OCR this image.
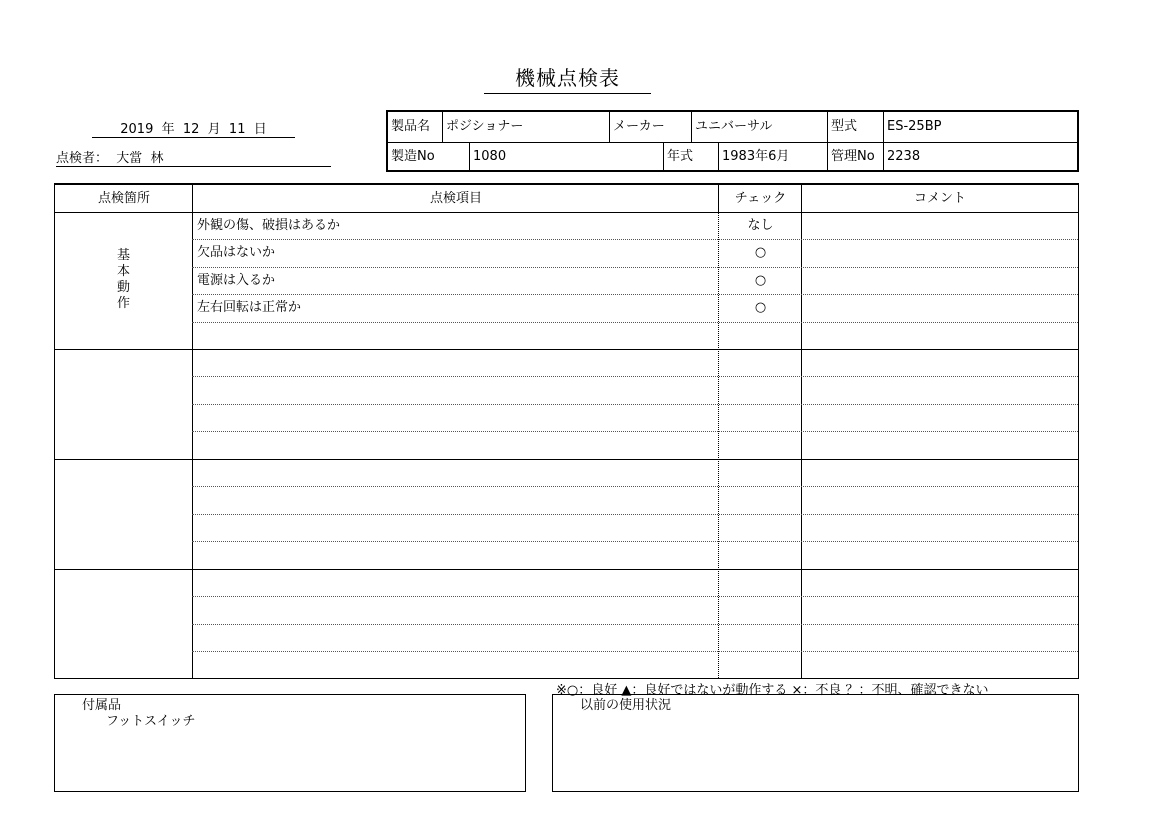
機械点検表
2019  年  12  月  11  日
点検者：  大當  林
製品名	ポジショナー	メーカー	ユニバーサル	型式	ES-25BP
製造No	1080	年式	1983年6月	管理No 2238
点検箇所	点検項目	チェック	コメント
基
本
動
作
外観の傷、破損はあるか	なし
欠品はないか	○
電源は入るか	○
左右回転は正常か	○
※○：良好 ▲：良好ではないが動作する ×：不良 ？：不明、確認できない
付属品
フットスイッチ
以前の使用状況
